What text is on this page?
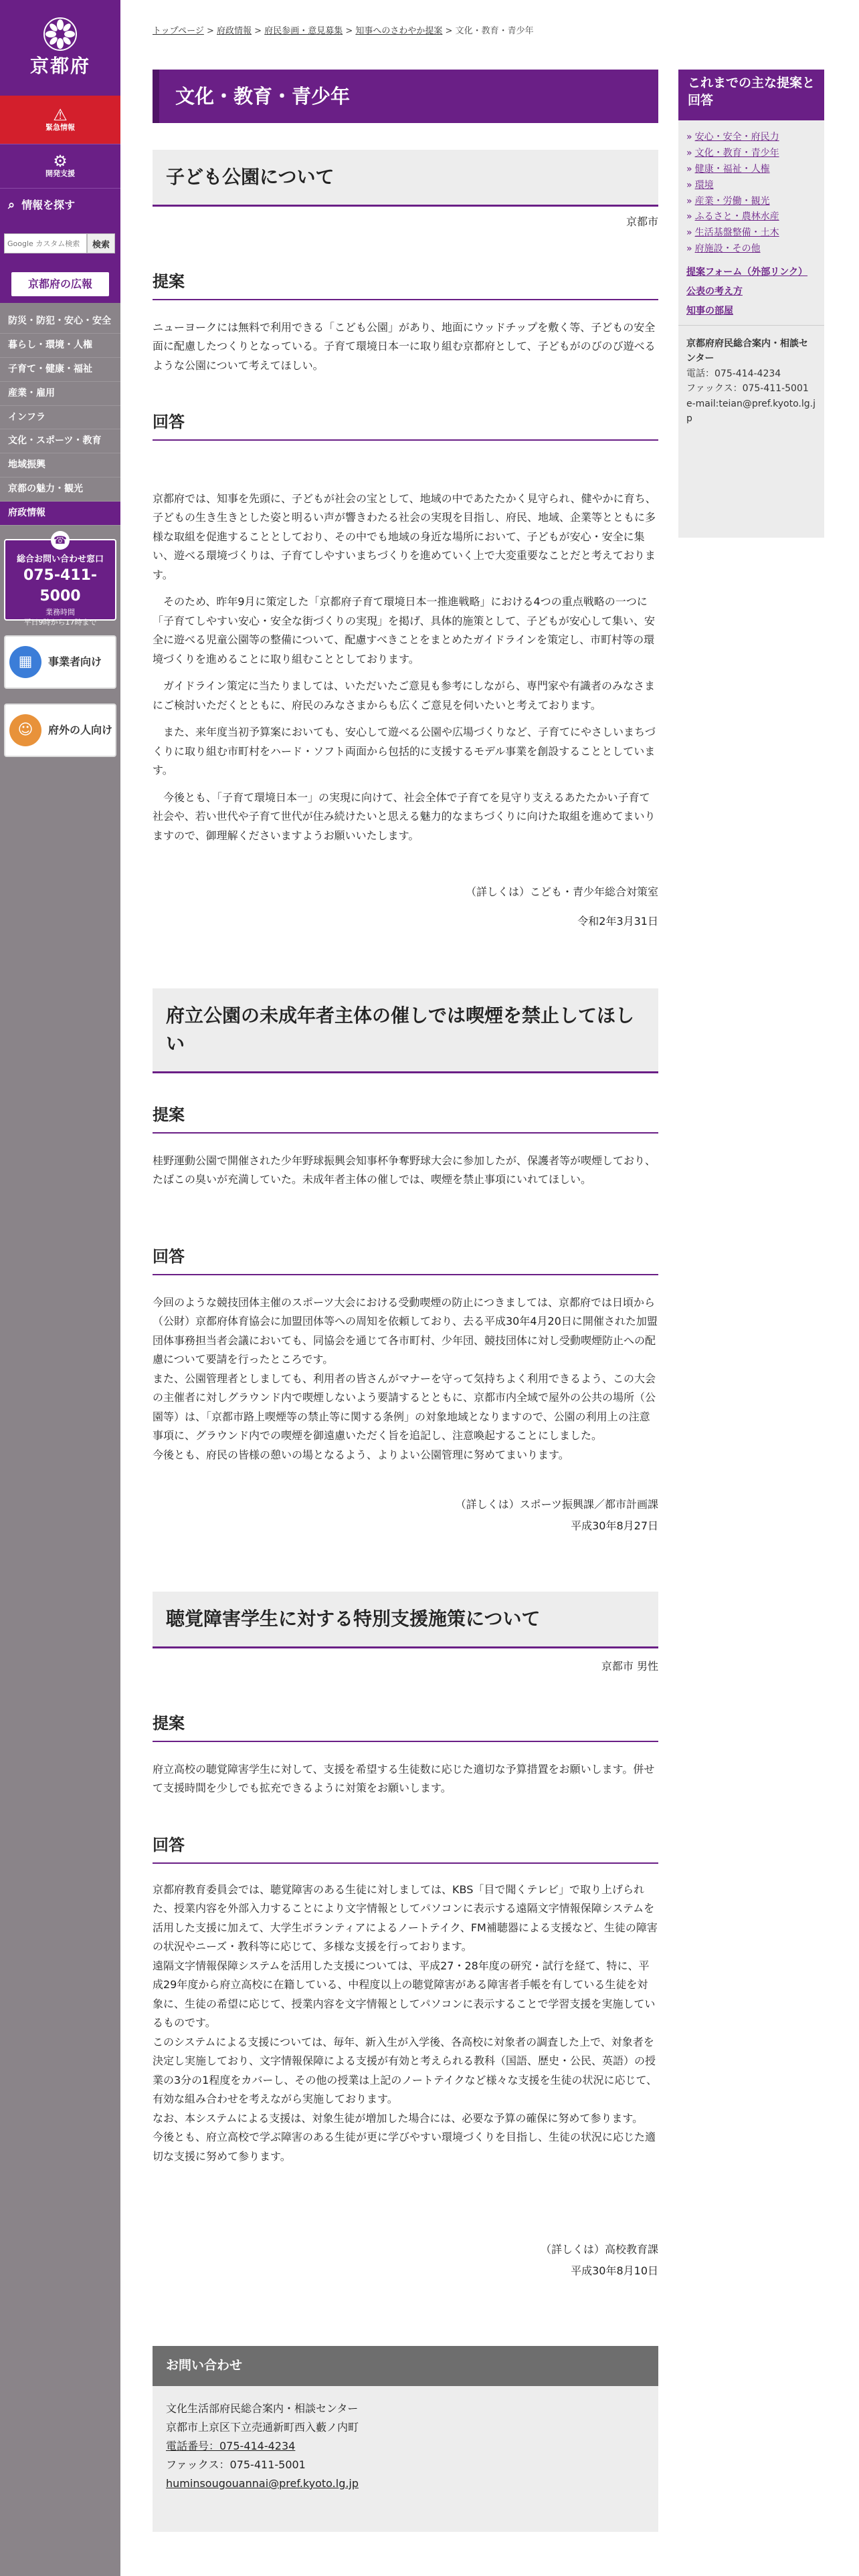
京都府
⚠
緊急情報
⚙
開発支援
⌕ 情報を探す
Google カスタム検索
検索
京都府の広報
防災・防犯・安心・安全
暮らし・環境・人権
子育て・健康・福祉
産業・雇用
インフラ
文化・スポーツ・教育
地域振興
京都の魅力・観光
府政情報
☎
総合お問い合わせ窓口
075-411-5000
業務時間
平日9時から17時まで
▦	事業者向け
☺	府外の人向け
トップページ > 府政情報 > 府民参画・意見募集 > 知事へのさわやか提案 > 文化・教育・青少年
文化・教育・青少年
子ども公園について
京都市
提案

ニューヨークには無料で利用できる「こども公園」があり、地面にウッドチップを敷く等、子どもの安全面に配慮したつくりとなっている。子育て環境日本一に取り組む京都府として、子どもがのびのび遊べるような公園について考えてほしい。

回答

京都府では、知事を先頭に、子どもが社会の宝として、地域の中であたたかく見守られ、健やかに育ち、子どもの生き生きとした姿と明るい声が響きわたる社会の実現を目指し、府民、地域、企業等とともに多様な取組を促進することとしており、その中でも地域の身近な場所において、子どもが安心・安全に集い、遊べる環境づくりは、子育てしやすいまちづくりを進めていく上で大変重要なことだと考えております。

そのため、昨年9月に策定した「京都府子育て環境日本一推進戦略」における4つの重点戦略の一つに「子育てしやすい安心・安全な街づくりの実現」を掲げ、具体的施策として、子どもが安心して集い、安全に遊べる児童公園等の整備について、配慮すべきことをまとめたガイドラインを策定し、市町村等の環境づくりを進めることに取り組むこととしております。

ガイドライン策定に当たりましては、いただいたご意見も参考にしながら、専門家や有識者のみなさまにご検討いただくとともに、府民のみなさまからも広くご意見を伺いたいと考えております。

また、来年度当初予算案においても、安心して遊べる公園や広場づくりなど、子育てにやさしいまちづくりに取り組む市町村をハード・ソフト両面から包括的に支援するモデル事業を創設することとしています。

今後とも、「子育て環境日本一」の実現に向けて、社会全体で子育てを見守り支えるあたたかい子育て社会や、若い世代や子育て世代が住み続けたいと思える魅力的なまちづくりに向けた取組を進めてまいりますので、御理解くださいますようお願いいたします。

（詳しくは）こども・青少年総合対策室
令和2年3月31日
府立公園の未成年者主体の催しでは喫煙を禁止してほしい
提案

桂野運動公園で開催された少年野球振興会知事杯争奪野球大会に参加したが、保護者等が喫煙しており、たばこの臭いが充満していた。未成年者主体の催しでは、喫煙を禁止事項にいれてほしい。

回答

今回のような競技団体主催のスポーツ大会における受動喫煙の防止につきましては、京都府では日頃から（公財）京都府体育協会に加盟団体等への周知を依頼しており、去る平成30年4月20日に開催された加盟団体事務担当者会議においても、同協会を通じて各市町村、少年団、競技団体に対し受動喫煙防止への配慮について要請を行ったところです。

また、公園管理者としましても、利用者の皆さんがマナーを守って気持ちよく利用できるよう、この大会の主催者に対しグラウンド内で喫煙しないよう要請するとともに、京都市内全域で屋外の公共の場所（公園等）は、「京都市路上喫煙等の禁止等に関する条例」の対象地域となりますので、公園の利用上の注意事項に、グラウンド内での喫煙を御遠慮いただく旨を追記し、注意喚起することにしました。

今後とも、府民の皆様の憩いの場となるよう、よりよい公園管理に努めてまいります。

（詳しくは）スポーツ振興課／都市計画課
平成30年8月27日
聴覚障害学生に対する特別支援施策について
京都市 男性
提案

府立高校の聴覚障害学生に対して、支援を希望する生徒数に応じた適切な予算措置をお願いします。併せて支援時間を少しでも拡充できるように対策をお願いします。

回答

京都府教育委員会では、聴覚障害のある生徒に対しましては、KBS「目で聞くテレビ」で取り上げられた、授業内容を外部入力することにより文字情報としてパソコンに表示する遠隔文字情報保障システムを活用した支援に加えて、大学生ボランティアによるノートテイク、FM補聴器による支援など、生徒の障害の状況やニーズ・教科等に応じて、多様な支援を行っております。

遠隔文字情報保障システムを活用した支援については、平成27・28年度の研究・試行を経て、特に、平成29年度から府立高校に在籍している、中程度以上の聴覚障害がある障害者手帳を有している生徒を対象に、生徒の希望に応じて、授業内容を文字情報としてパソコンに表示することで学習支援を実施しているものです。

このシステムによる支援については、毎年、新入生が入学後、各高校に対象者の調査した上で、対象者を決定し実施しており、文字情報保障による支援が有効と考えられる教科（国語、歴史・公民、英語）の授業の3分の1程度をカバーし、その他の授業は上記のノートテイクなど様々な支援を生徒の状況に応じて、有効な組み合わせを考えながら実施しております。

なお、本システムによる支援は、対象生徒が増加した場合には、必要な予算の確保に努めて参ります。

今後とも、府立高校で学ぶ障害のある生徒が更に学びやすい環境づくりを目指し、生徒の状況に応じた適切な支援に努めて参ります。

（詳しくは）高校教育課
平成30年8月10日
お問い合わせ
文化生活部府民総合案内・相談センター
京都市上京区下立売通新町西入藪ノ内町
電話番号：075-414-4234
ファックス：075-411-5001
huminsougouannai@pref.kyoto.lg.jp
これまでの主な提案と回答
» 安心・安全・府民力
» 文化・教育・青少年
» 健康・福祉・人権
» 環境
» 産業・労働・観光
» ふるさと・農林水産
» 生活基盤整備・土木
» 府施設・その他
提案フォーム（外部リンク）
公表の考え方
知事の部屋
京都府府民総合案内・相談センター
電話：075-414-4234
ファックス：075-411-5001
e-mail:teian@pref.kyoto.lg.jp
